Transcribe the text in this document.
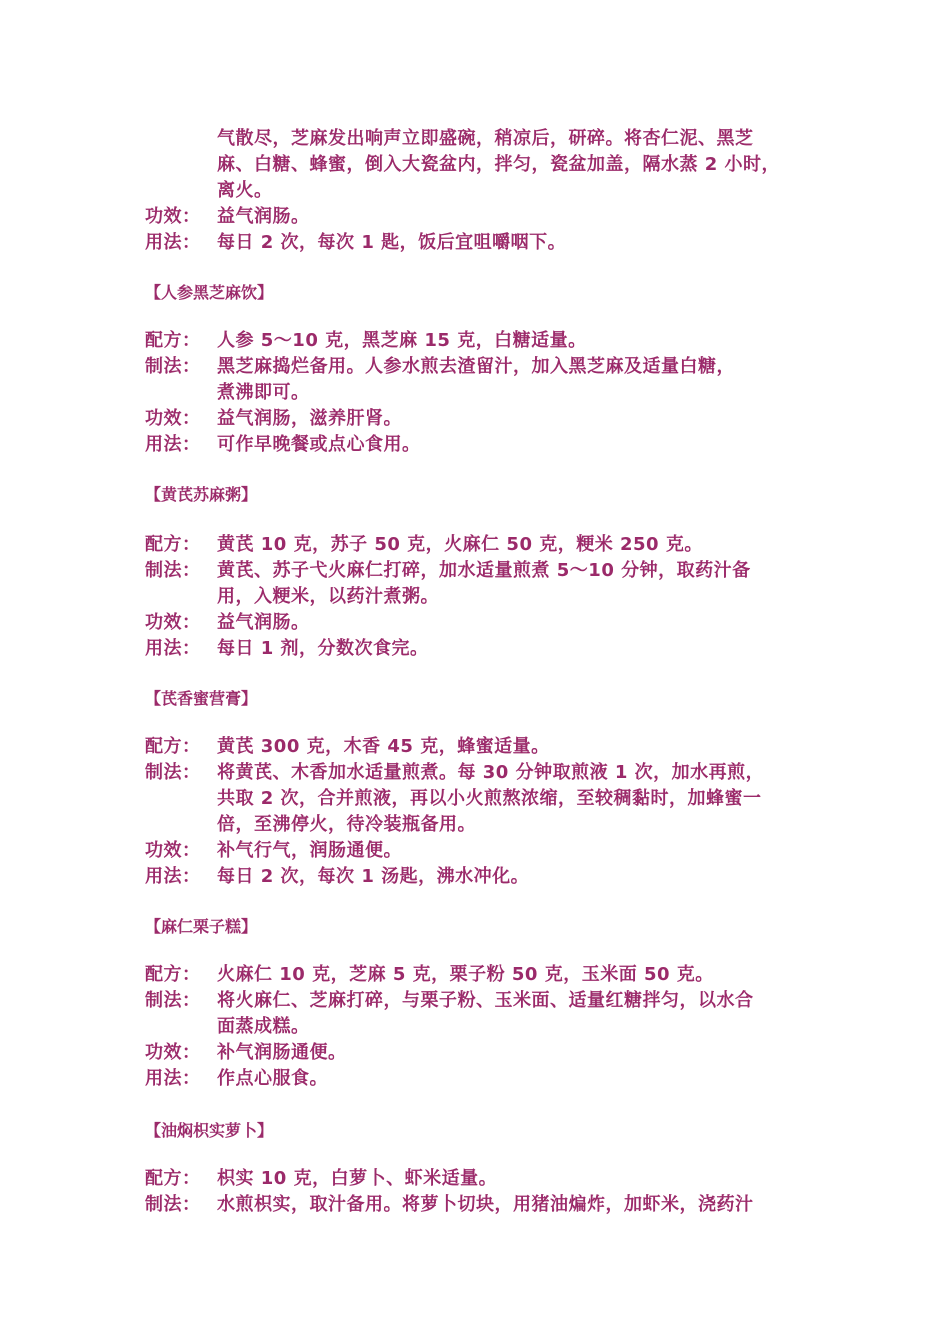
气散尽，芝麻发出响声立即盛碗，稍凉后，研碎。将杏仁泥、黑芝
麻、白糖、蜂蜜，倒入大瓷盆内，拌匀，瓷盆加盖，隔水蒸 2 小时，
离火。
功效： 益气润肠。
用法： 每日 2 次，每次 1 匙，饭后宜咀嚼咽下。
【人参黑芝麻饮】
配方： 人参 5～10 克，黑芝麻 15 克，白糖适量。
制法： 黑芝麻捣烂备用。人参水煎去渣留汁，加入黑芝麻及适量白糖，
煮沸即可。
功效： 益气润肠，滋养肝肾。
用法： 可作早晚餐或点心食用。
【黄芪苏麻粥】
配方： 黄芪 10 克，苏子 50 克，火麻仁 50 克，粳米 250 克。
制法： 黄芪、苏子弋火麻仁打碎，加水适量煎煮 5～10 分钟，取药汁备
用，入粳米，以药汁煮粥。
功效： 益气润肠。
用法： 每日 1 剂，分数次食完。
【芪香蜜营膏】
配方： 黄芪 300 克，木香 45 克，蜂蜜适量。
制法： 将黄芪、木香加水适量煎煮。每 30 分钟取煎液 1 次，加水再煎，
共取 2 次，合并煎液，再以小火煎熬浓缩，至较稠黏时，加蜂蜜一
倍，至沸停火，待冷装瓶备用。
功效： 补气行气，润肠通便。
用法： 每日 2 次，每次 1 汤匙，沸水冲化。
【麻仁栗子糕】
配方： 火麻仁 10 克，芝麻 5 克，栗子粉 50 克，玉米面 50 克。
制法： 将火麻仁、芝麻打碎，与栗子粉、玉米面、适量红糖拌匀，以水合
面蒸成糕。
功效： 补气润肠通便。
用法： 作点心服食。
【油焖枳实萝卜】
配方： 枳实 10 克，白萝卜、虾米适量。
制法： 水煎枳实，取汁备用。将萝卜切块，用猪油煸炸，加虾米，浇药汁
